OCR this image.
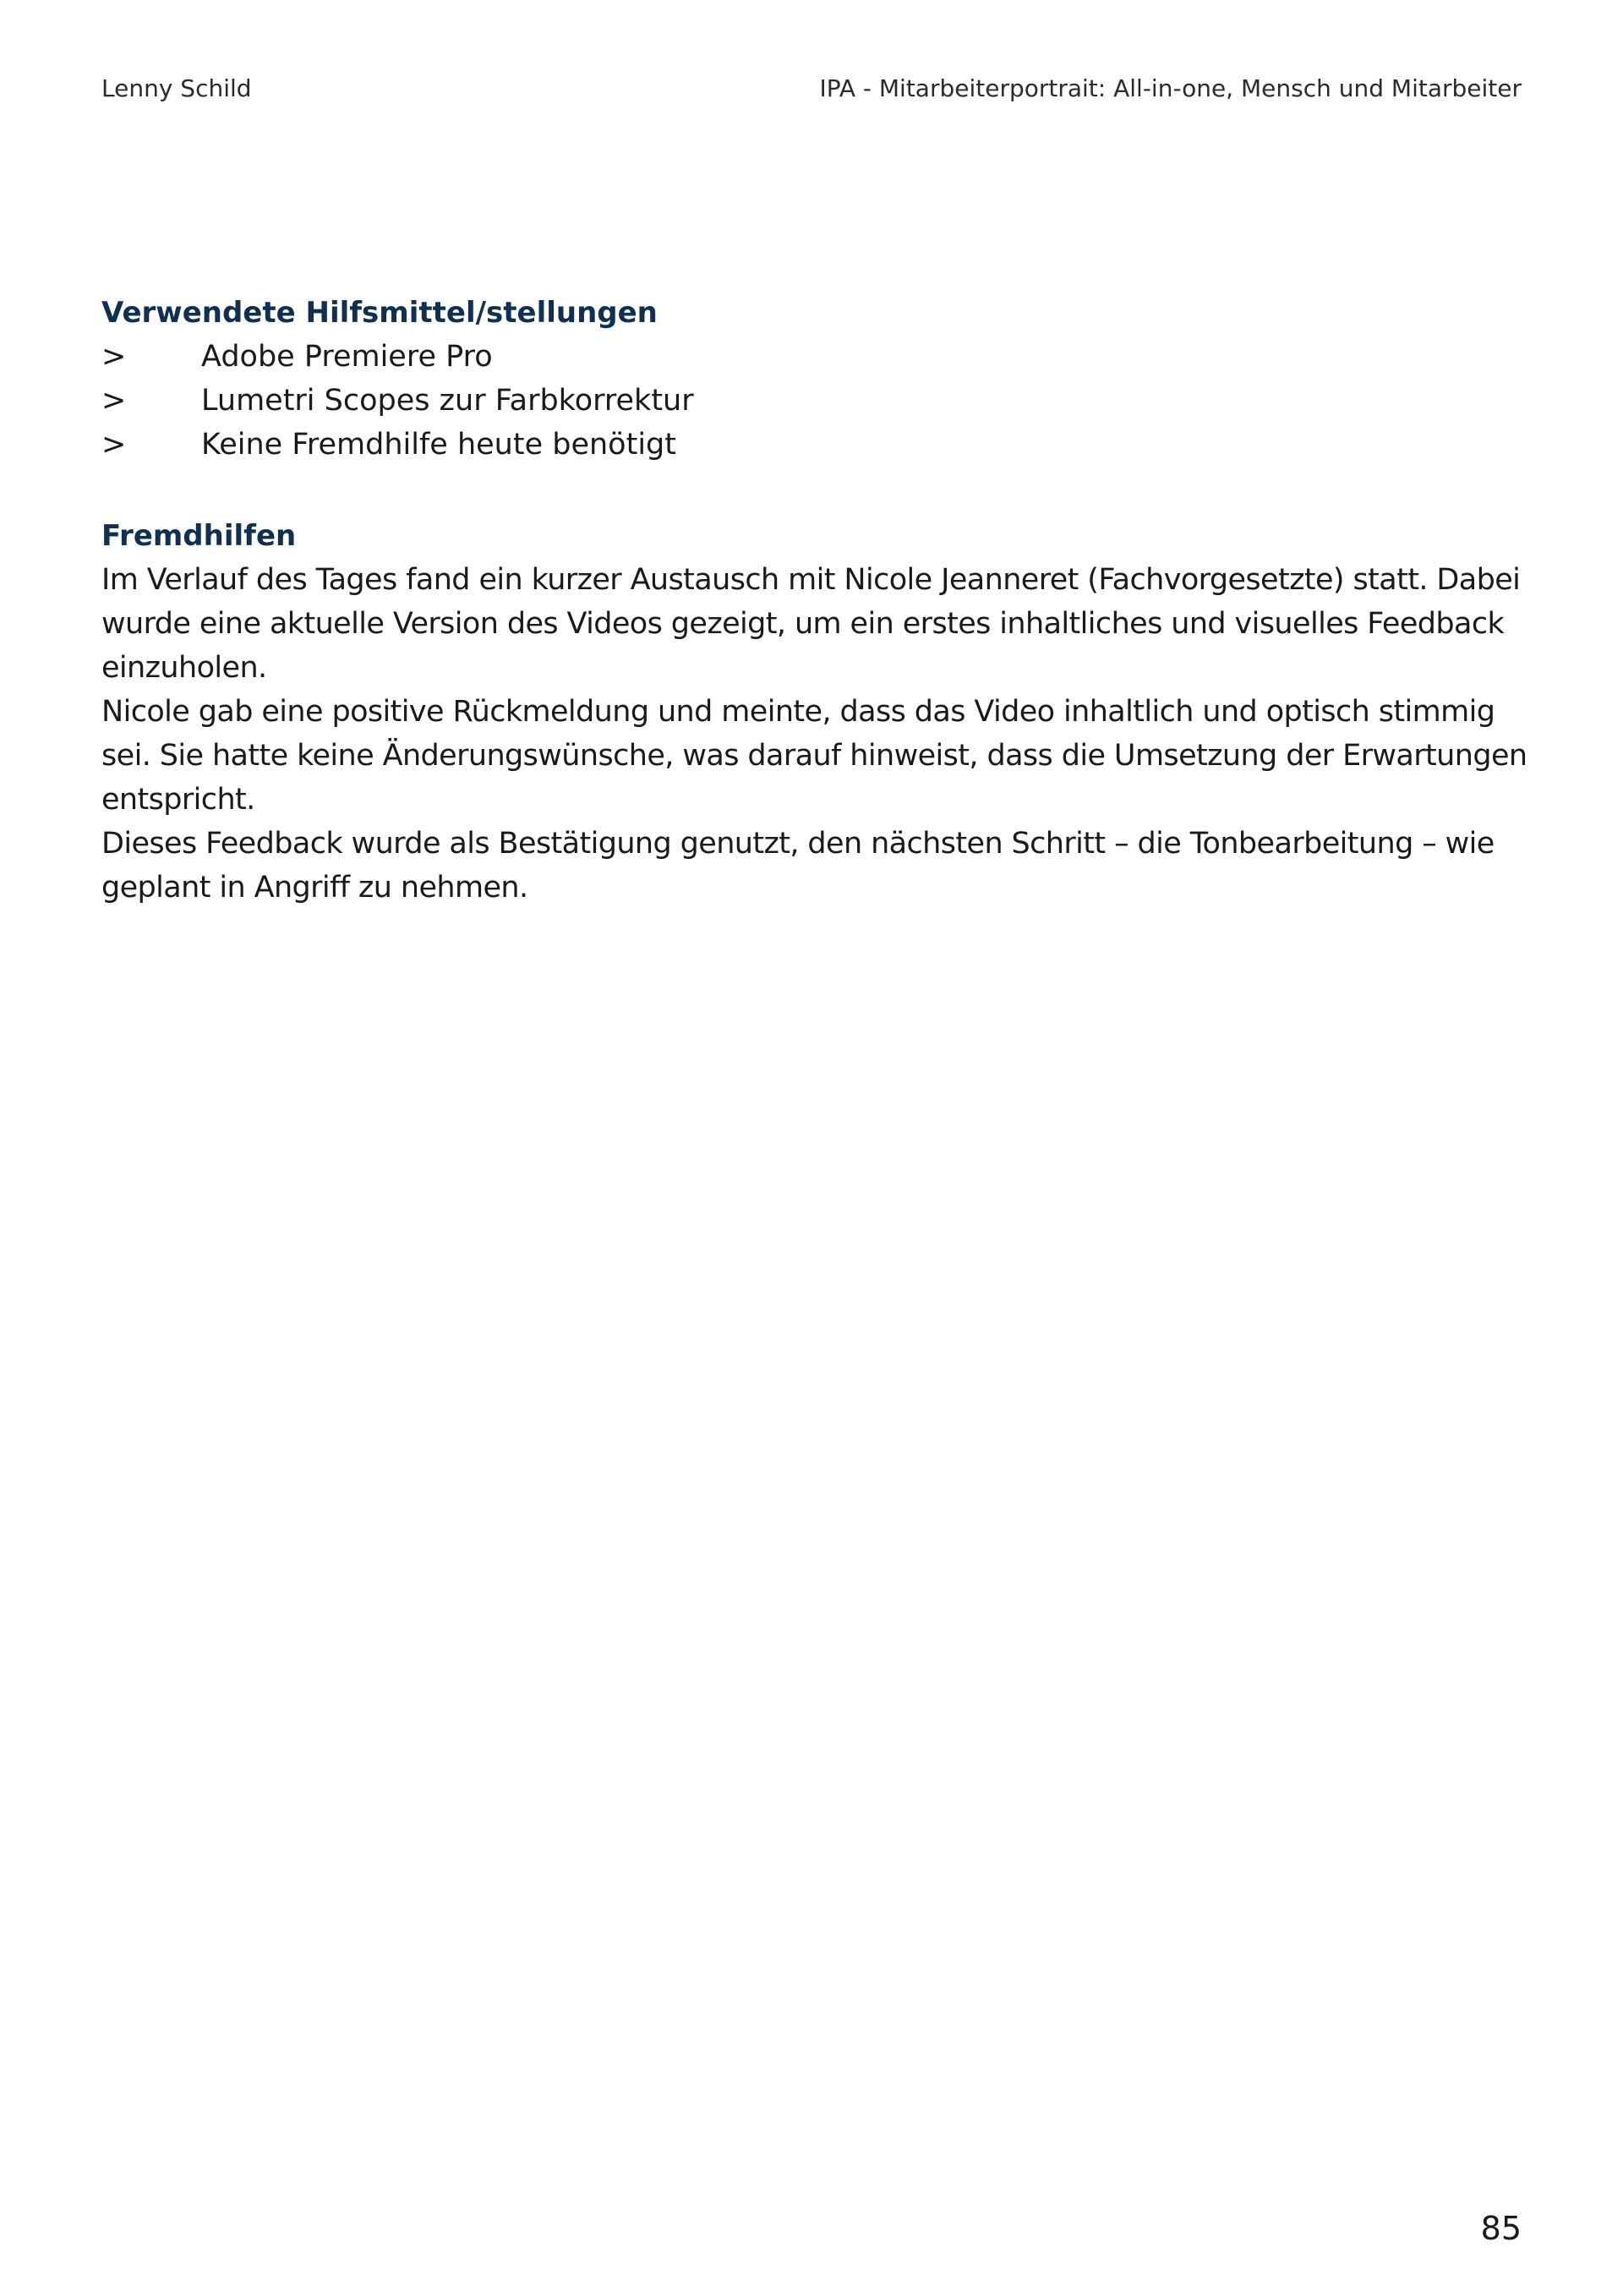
Lenny Schild	IPA - Mitarbeiterportrait: All-in-one, Mensch und Mitarbeiter
Verwendete Hilfsmittel/stellungen
>	Adobe Premiere Pro
>	Lumetri Scopes zur Farbkorrektur
>	Keine Fremdhilfe heute benötigt
Fremdhilfen

Im Verlauf des Tages fand ein kurzer Austausch mit Nicole Jeanneret (Fachvorgesetzte) statt. Dabei wurde eine aktuelle Version des Videos gezeigt, um ein erstes inhaltliches und visuelles Feedback einzuholen.

Nicole gab eine positive Rückmeldung und meinte, dass das Video inhaltlich und optisch stimmig sei. Sie hatte keine Änderungswünsche, was darauf hinweist, dass die Umsetzung der Erwartungen entspricht.

Dieses Feedback wurde als Bestätigung genutzt, den nächsten Schritt – die Tonbearbeitung – wie geplant in Angriff zu nehmen.

85
